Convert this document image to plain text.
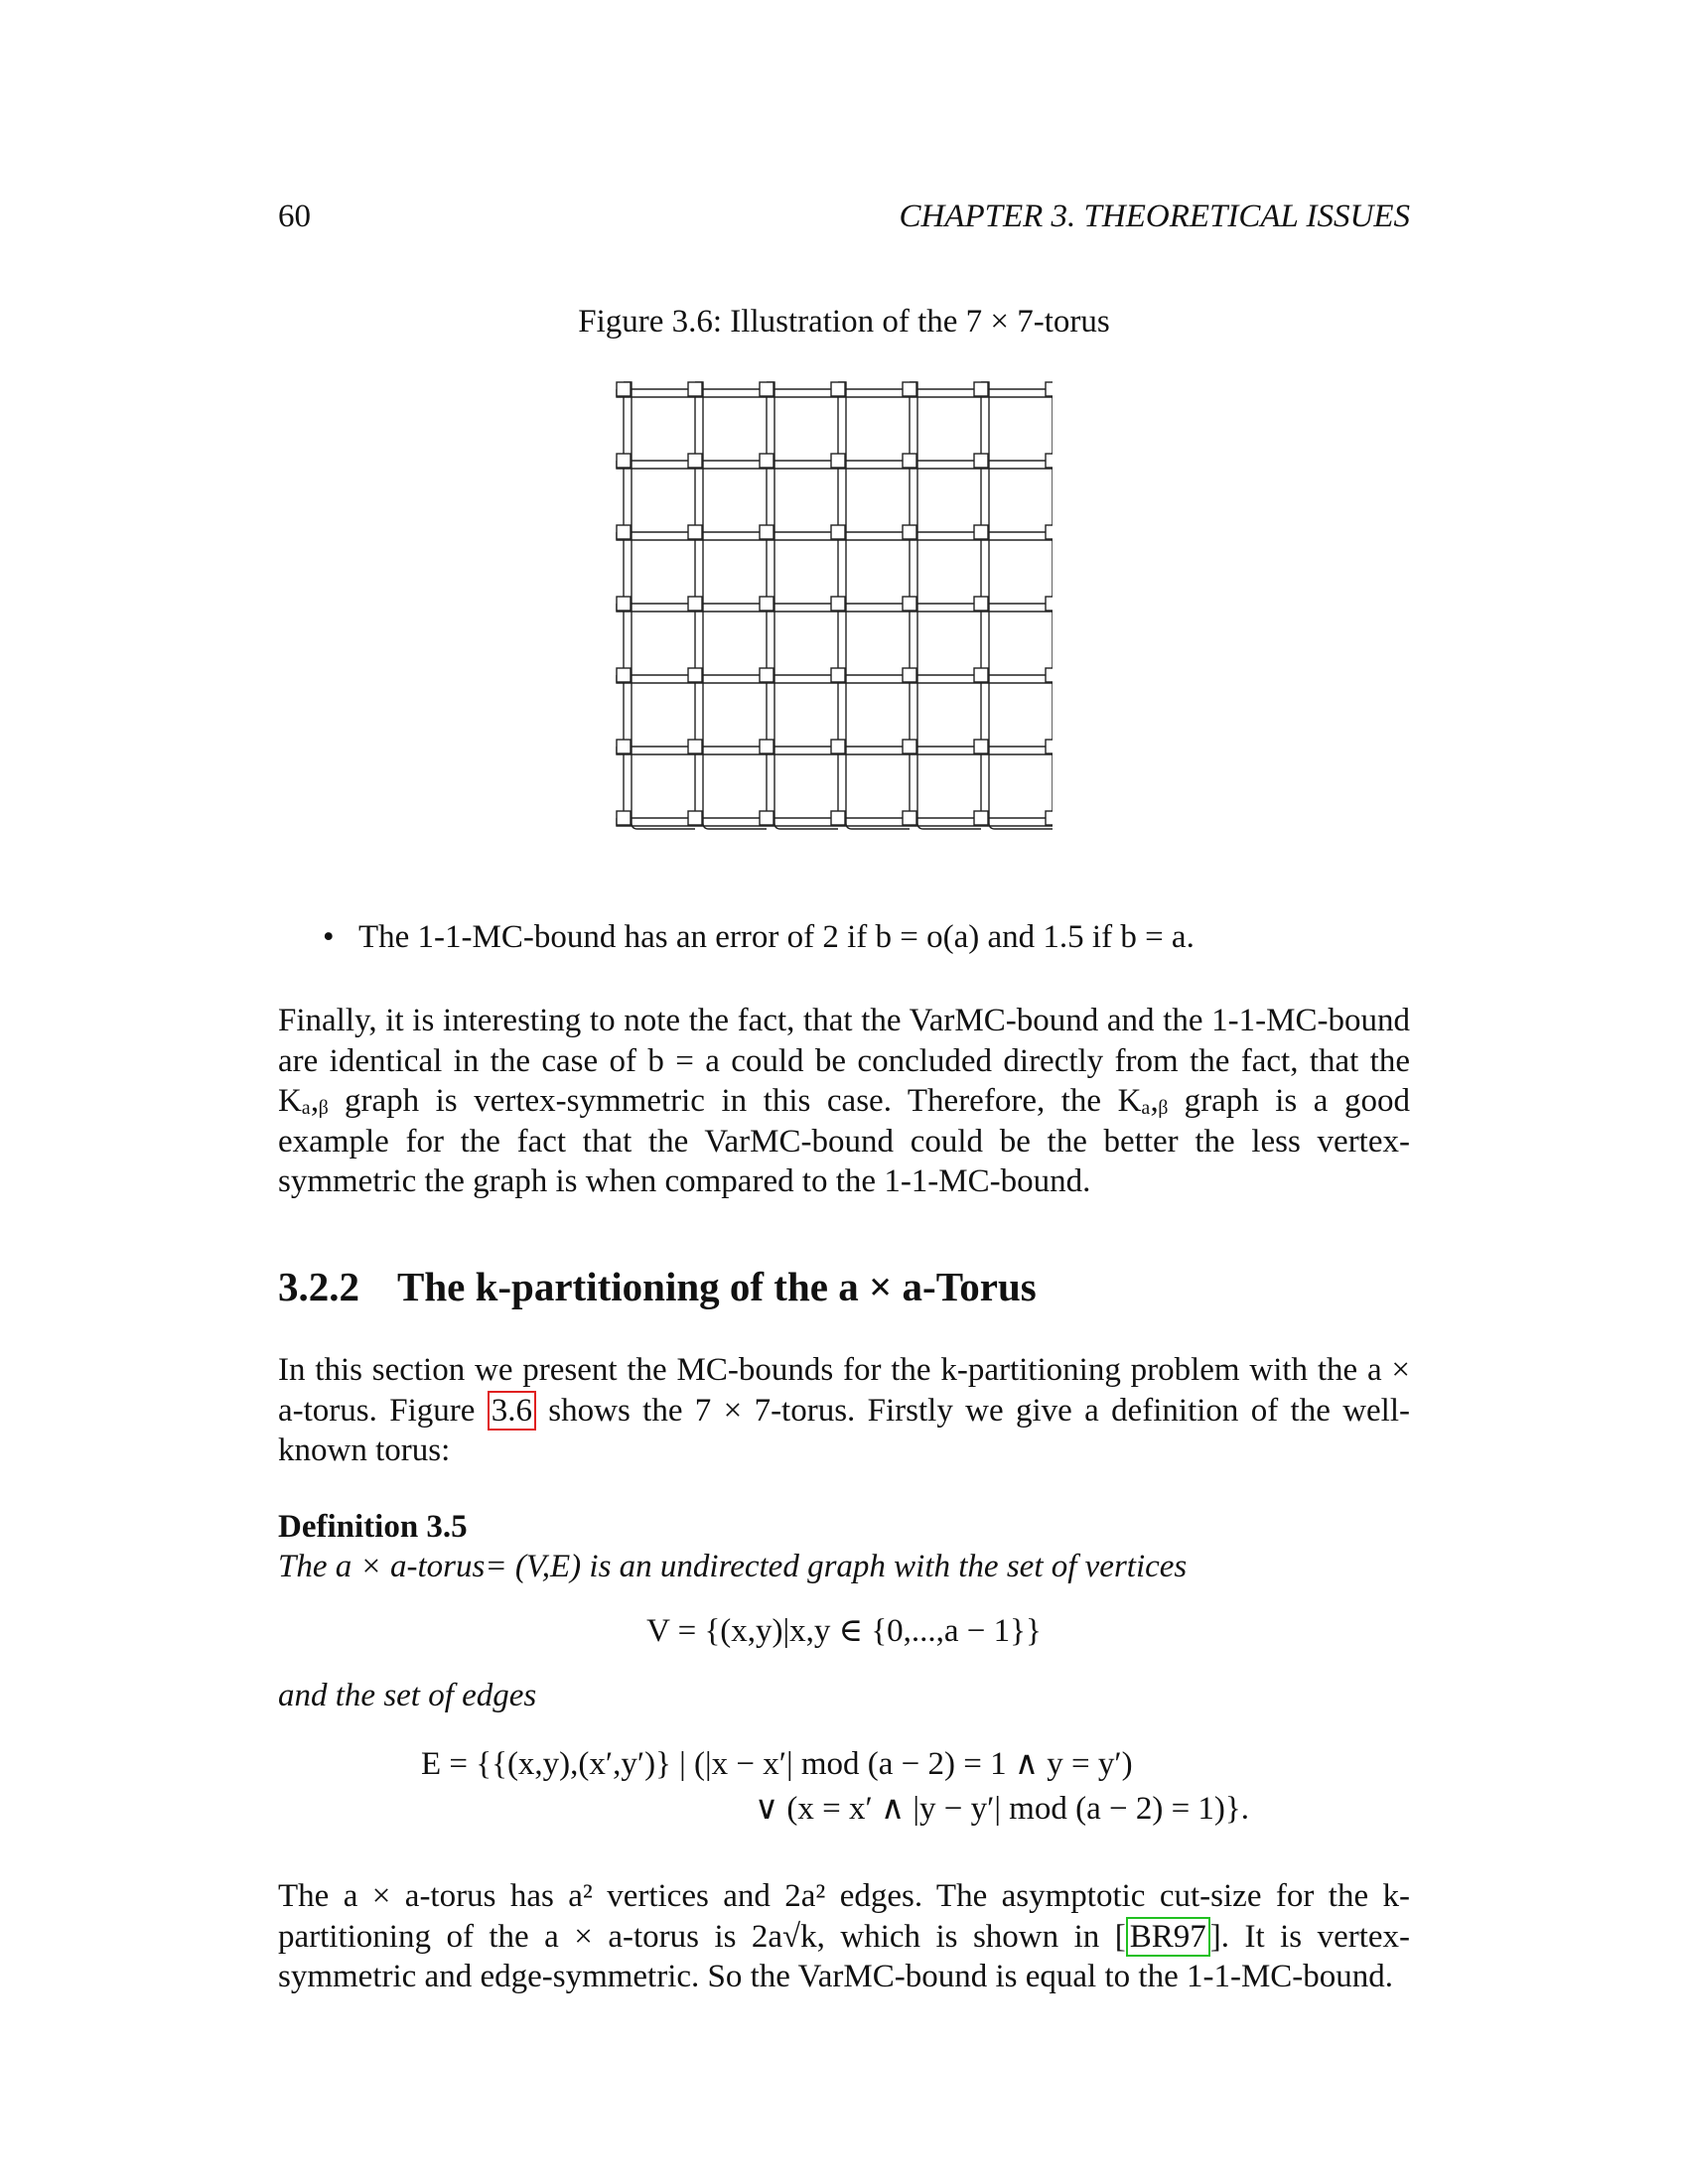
60	CHAPTER 3. THEORETICAL ISSUES
Figure 3.6: Illustration of the 7 × 7-torus
• The 1-1-MC-bound has an error of 2 if b = o(a) and 1.5 if b = a.
Finally, it is interesting to note the fact, that the VarMC-bound and the 1-1-MC-bound are identical in the case of b = a could be concluded directly from the fact, that the Kₐ,ᵦ graph is vertex-symmetric in this case. Therefore, the Kₐ,ᵦ graph is a good example for the fact that the VarMC-bound could be the better the less vertex-symmetric the graph is when compared to the 1-1-MC-bound.
3.2.2 The k-partitioning of the a × a-Torus
In this section we present the MC-bounds for the k-partitioning problem with the a × a-torus. Figure 3.6 shows the 7 × 7-torus. Firstly we give a definition of the well-known torus:
Definition 3.5
The a × a-torus= (V,E) is an undirected graph with the set of vertices
V = {(x,y)|x,y ∈ {0,...,a − 1}}
and the set of edges
E = {{(x,y),(x′,y′)} | (|x − x′| mod (a − 2) = 1 ∧ y = y′)
∨ (x = x′ ∧ |y − y′| mod (a − 2) = 1)}.
The a × a-torus has a² vertices and 2a² edges. The asymptotic cut-size for the k-partitioning of the a × a-torus is 2a√k, which is shown in [ BR97 ]. It is vertex-symmetric and edge-symmetric. So the VarMC-bound is equal to the 1-1-MC-bound.
